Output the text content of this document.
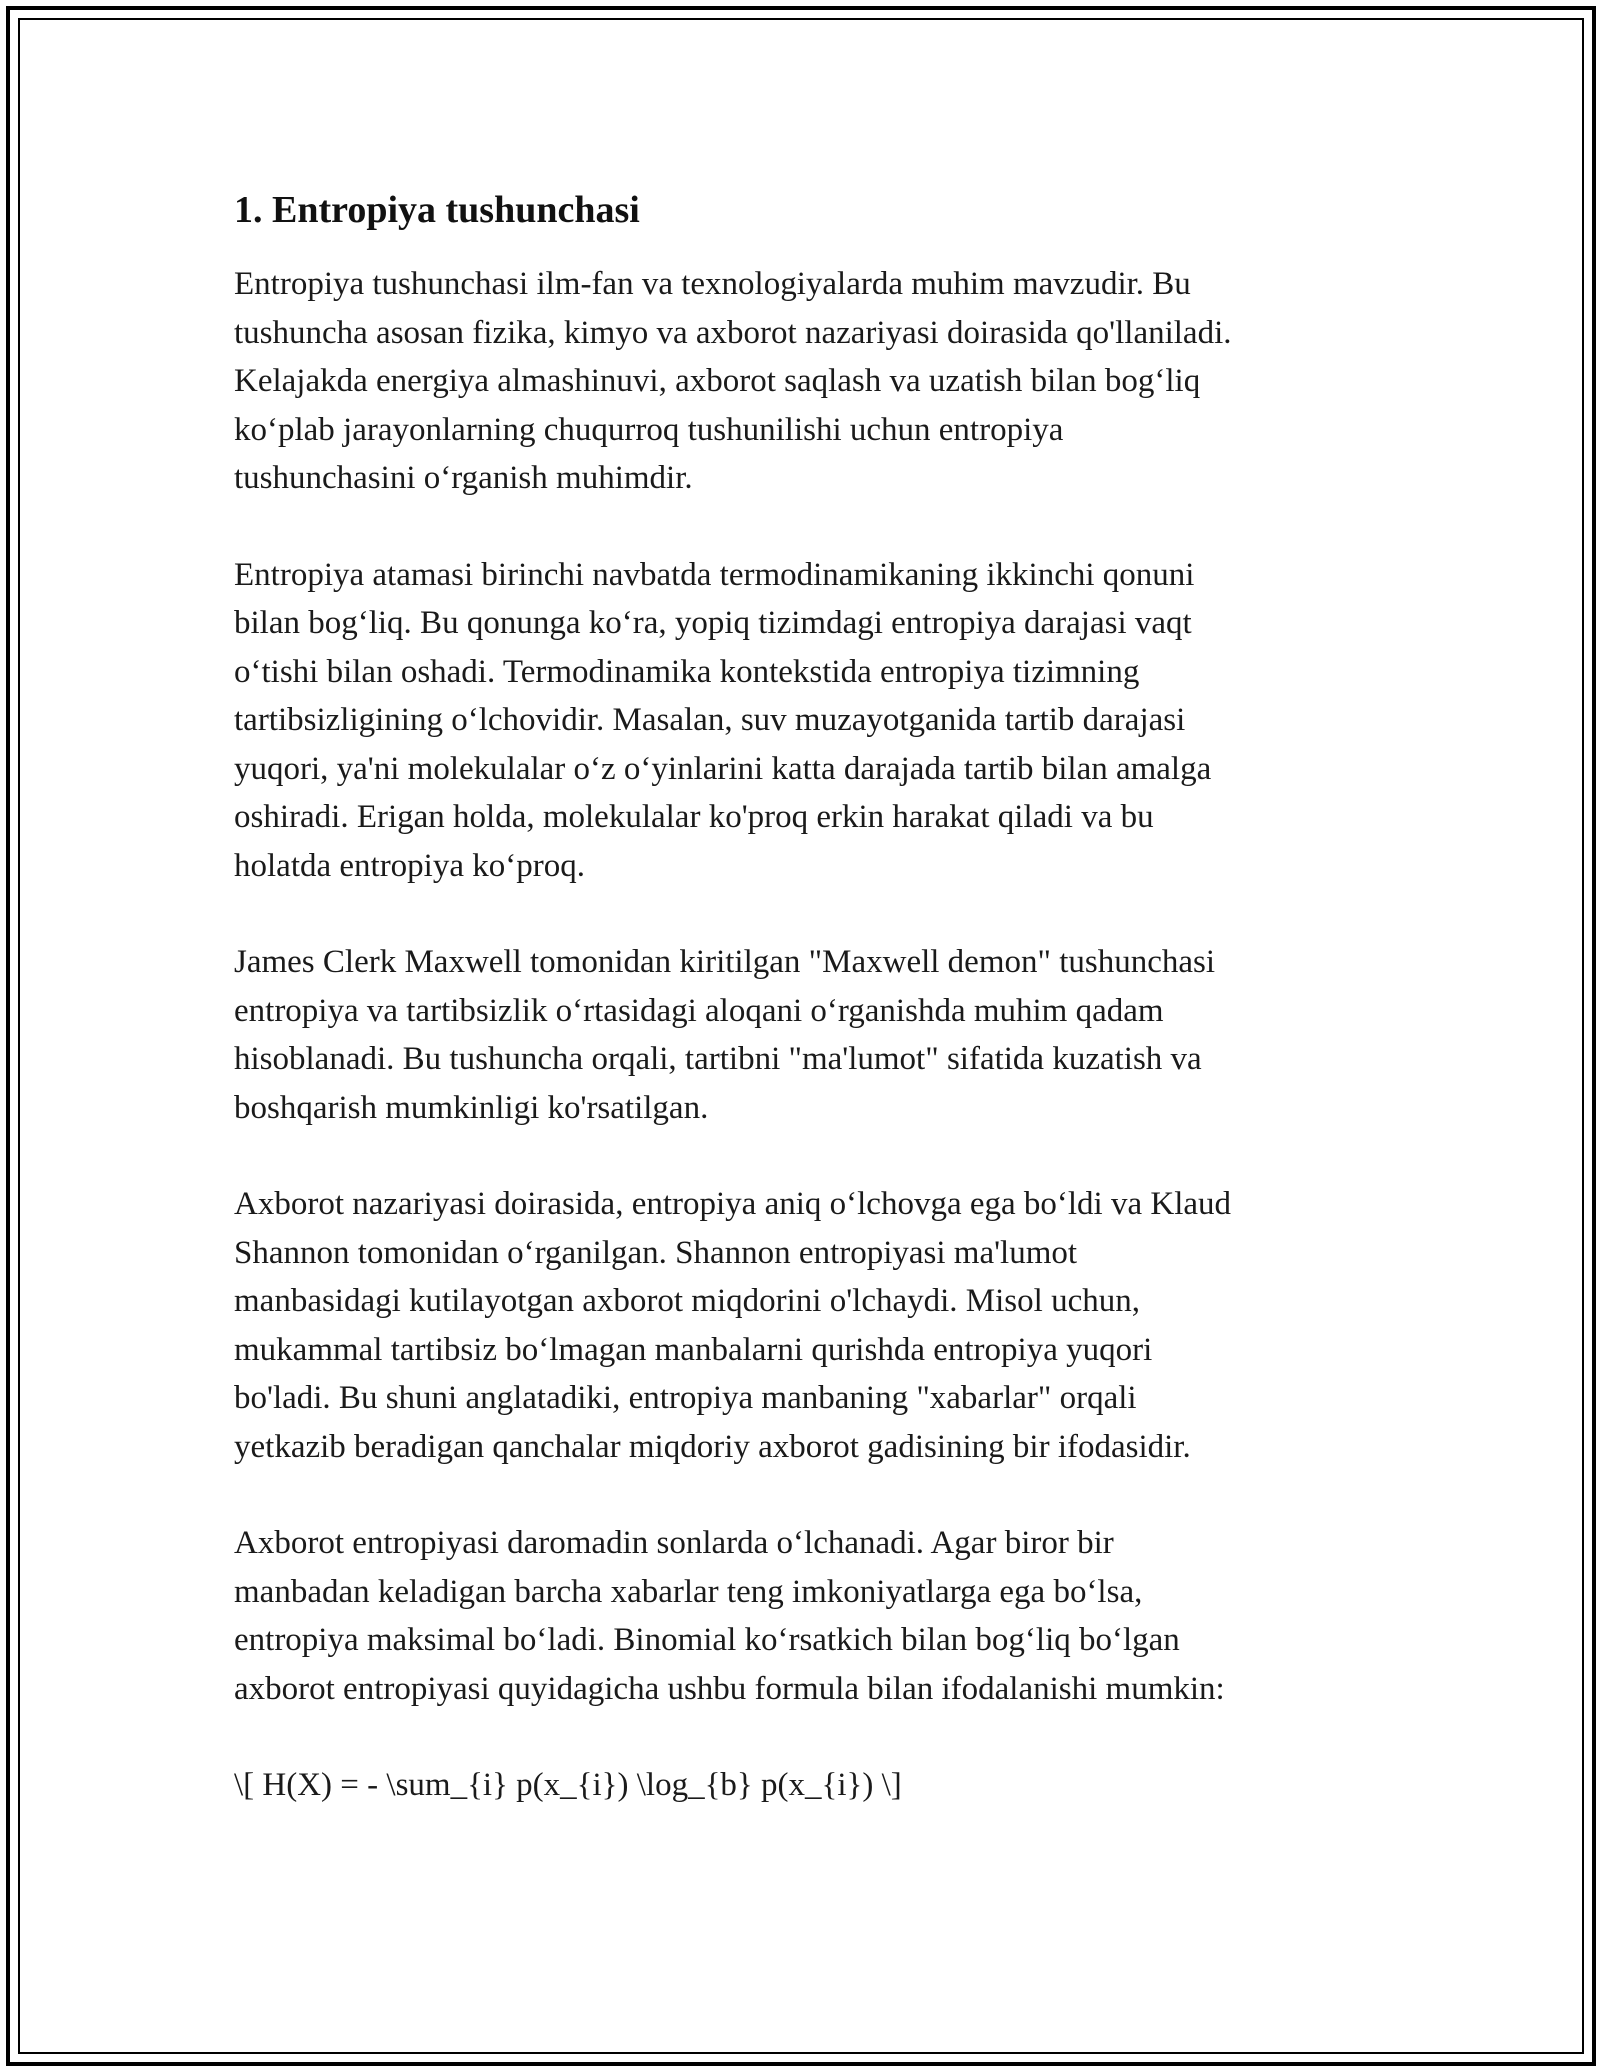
1. Entropiya tushunchasi

Entropiya tushunchasi ilm-fan va texnologiyalarda muhim mavzudir. Bu
tushuncha asosan fizika, kimyo va axborot nazariyasi doirasida qo'llaniladi.
Kelajakda energiya almashinuvi, axborot saqlash va uzatish bilan bog‘liq
ko‘plab jarayonlarning chuqurroq tushunilishi uchun entropiya
tushunchasini o‘rganish muhimdir.

Entropiya atamasi birinchi navbatda termodinamikaning ikkinchi qonuni
bilan bog‘liq. Bu qonunga ko‘ra, yopiq tizimdagi entropiya darajasi vaqt
o‘tishi bilan oshadi. Termodinamika kontekstida entropiya tizimning
tartibsizligining o‘lchovidir. Masalan, suv muzayotganida tartib darajasi
yuqori, ya'ni molekulalar o‘z o‘yinlarini katta darajada tartib bilan amalga
oshiradi. Erigan holda, molekulalar ko'proq erkin harakat qiladi va bu
holatda entropiya ko‘proq.

James Clerk Maxwell tomonidan kiritilgan "Maxwell demon" tushunchasi
entropiya va tartibsizlik o‘rtasidagi aloqani o‘rganishda muhim qadam
hisoblanadi. Bu tushuncha orqali, tartibni "ma'lumot" sifatida kuzatish va
boshqarish mumkinligi ko'rsatilgan.

Axborot nazariyasi doirasida, entropiya aniq o‘lchovga ega bo‘ldi va Klaud
Shannon tomonidan o‘rganilgan. Shannon entropiyasi ma'lumot
manbasidagi kutilayotgan axborot miqdorini o'lchaydi. Misol uchun,
mukammal tartibsiz bo‘lmagan manbalarni qurishda entropiya yuqori
bo'ladi. Bu shuni anglatadiki, entropiya manbaning "xabarlar" orqali
yetkazib beradigan qanchalar miqdoriy axborot gadisining bir ifodasidir.

Axborot entropiyasi daromadin sonlarda o‘lchanadi. Agar biror bir
manbadan keladigan barcha xabarlar teng imkoniyatlarga ega bo‘lsa,
entropiya maksimal bo‘ladi. Binomial ko‘rsatkich bilan bog‘liq bo‘lgan
axborot entropiyasi quyidagicha ushbu formula bilan ifodalanishi mumkin:

\[ H(X) = - \sum_{i} p(x_{i}) \log_{b} p(x_{i}) \]
